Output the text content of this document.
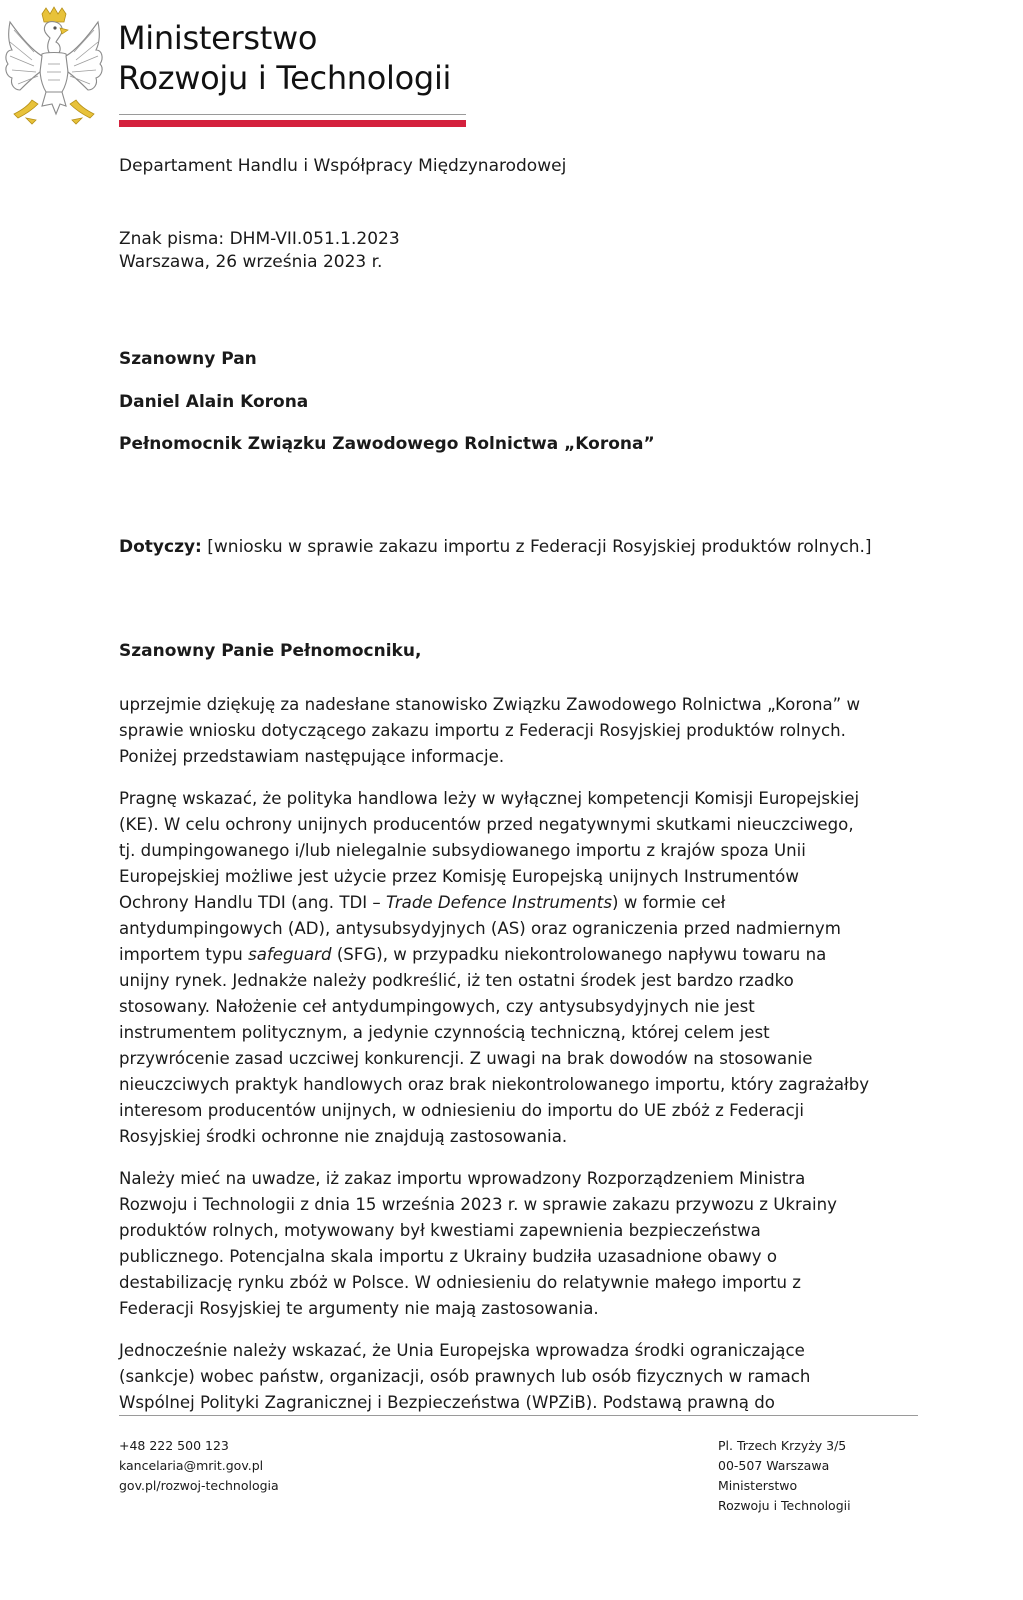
Ministerstwo
Rozwoju i Technologii
Departament Handlu i Współpracy Międzynarodowej
Znak pisma: DHM-VII.051.1.2023
Warszawa, 26 września 2023 r.
Szanowny Pan
Daniel Alain Korona
Pełnomocnik Związku Zawodowego Rolnictwa „Korona”
Dotyczy: [wniosku w sprawie zakazu importu z Federacji Rosyjskiej produktów rolnych.]
Szanowny Panie Pełnomocniku,

uprzejmie dziękuję za nadesłane stanowisko Związku Zawodowego Rolnictwa „Korona” w
sprawie wniosku dotyczącego zakazu importu z Federacji Rosyjskiej produktów rolnych.
Poniżej przedstawiam następujące informacje.

Pragnę wskazać, że polityka handlowa leży w wyłącznej kompetencji Komisji Europejskiej
(KE). W celu ochrony unijnych producentów przed negatywnymi skutkami nieuczciwego,
tj. dumpingowanego i/lub nielegalnie subsydiowanego importu z krajów spoza Unii
Europejskiej możliwe jest użycie przez Komisję Europejską unijnych Instrumentów
Ochrony Handlu TDI (ang. TDI – Trade Defence Instruments) w formie ceł
antydumpingowych (AD), antysubsydyjnych (AS) oraz ograniczenia przed nadmiernym
importem typu safeguard (SFG), w przypadku niekontrolowanego napływu towaru na
unijny rynek. Jednakże należy podkreślić, iż ten ostatni środek jest bardzo rzadko
stosowany. Nałożenie ceł antydumpingowych, czy antysubsydyjnych nie jest
instrumentem politycznym, a jedynie czynnością techniczną, której celem jest
przywrócenie zasad uczciwej konkurencji. Z uwagi na brak dowodów na stosowanie
nieuczciwych praktyk handlowych oraz brak niekontrolowanego importu, który zagrażałby
interesom producentów unijnych, w odniesieniu do importu do UE zbóż z Federacji
Rosyjskiej środki ochronne nie znajdują zastosowania.

Należy mieć na uwadze, iż zakaz importu wprowadzony Rozporządzeniem Ministra
Rozwoju i Technologii z dnia 15 września 2023 r. w sprawie zakazu przywozu z Ukrainy
produktów rolnych, motywowany był kwestiami zapewnienia bezpieczeństwa
publicznego. Potencjalna skala importu z Ukrainy budziła uzasadnione obawy o
destabilizację rynku zbóż w Polsce. W odniesieniu do relatywnie małego importu z
Federacji Rosyjskiej te argumenty nie mają zastosowania.

Jednocześnie należy wskazać, że Unia Europejska wprowadza środki ograniczające
(sankcje) wobec państw, organizacji, osób prawnych lub osób fizycznych w ramach
Wspólnej Polityki Zagranicznej i Bezpieczeństwa (WPZiB). Podstawą prawną do

+48 222 500 123
kancelaria@mrit.gov.pl
gov.pl/rozwoj-technologia
Pl. Trzech Krzyży 3/5
00-507 Warszawa
Ministerstwo
Rozwoju i Technologii
